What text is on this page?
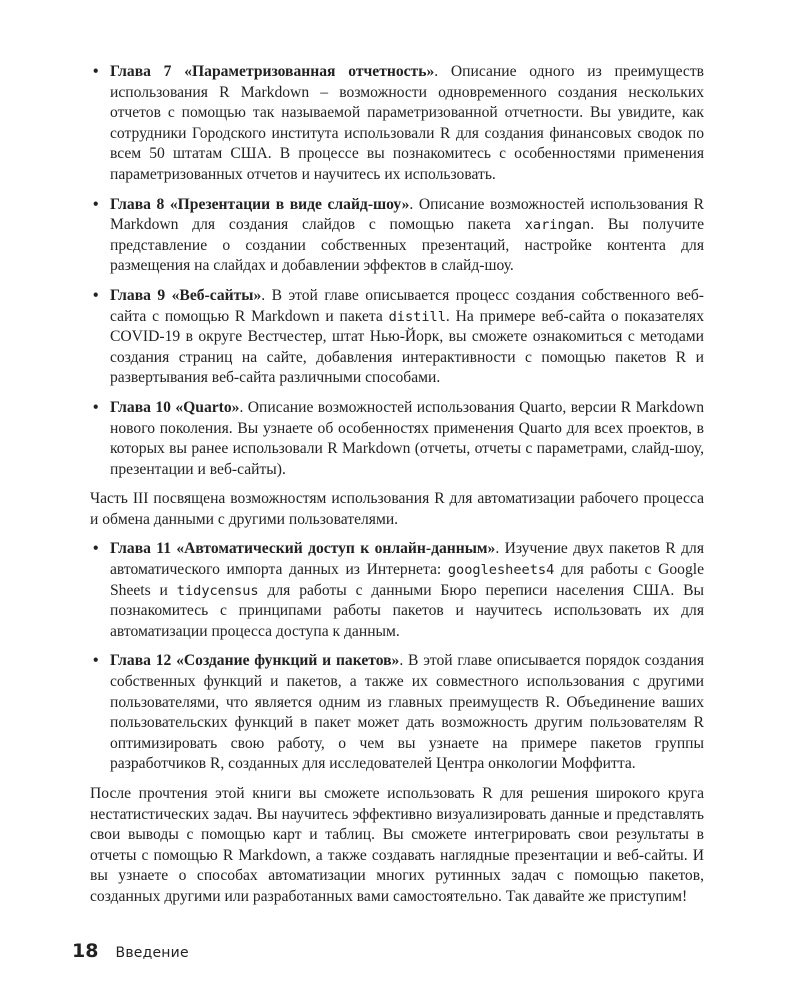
• Глава 7 «Параметризованная отчетность». Описание одного из преимуществ использования R Markdown – возможности одновременного создания нескольких отчетов с помощью так называемой параметризованной отчетности. Вы увидите, как сотрудники Городского института использовали R для создания финансовых сводок по всем 50 штатам США. В процессе вы познакомитесь с особенностями применения параметризованных отчетов и научитесь их использовать.
• Глава 8 «Презентации в виде слайд-шоу». Описание возможностей использования R Markdown для создания слайдов с помощью пакета xaringan. Вы получите представление о создании собственных презентаций, настройке контента для размещения на слайдах и добавлении эффектов в слайд-шоу.
• Глава 9 «Веб-сайты». В этой главе описывается процесс создания собственного веб-сайта с помощью R Markdown и пакета distill. На примере веб-сайта о показателях COVID-19 в округе Вестчестер, штат Нью-Йорк, вы сможете ознакомиться с методами создания страниц на сайте, добавления интерактивности с помощью пакетов R и развертывания веб-сайта различными способами.
• Глава 10 «Quarto». Описание возможностей использования Quarto, версии R Markdown нового поколения. Вы узнаете об особенностях применения Quarto для всех проектов, в которых вы ранее использовали R Markdown (отчеты, отчеты с параметрами, слайд-шоу, презентации и веб-сайты).

Часть III посвящена возможностям использования R для автоматизации рабочего процесса и обмена данными с другими пользователями.

• Глава 11 «Автоматический доступ к онлайн-данным». Изучение двух пакетов R для автоматического импорта данных из Интернета: googlesheets4 для работы с Google Sheets и tidycensus для работы с данными Бюро переписи населения США. Вы познакомитесь с принципами работы пакетов и научитесь использовать их для автоматизации процесса доступа к данным.
• Глава 12 «Создание функций и пакетов». В этой главе описывается порядок создания собственных функций и пакетов, а также их совместного использования с другими пользователями, что является одним из главных преимуществ R. Объединение ваших пользовательских функций в пакет может дать возможность другим пользователям R оптимизировать свою работу, о чем вы узнаете на примере пакетов группы разработчиков R, созданных для исследователей Центра онкологии Моффитта.

После прочтения этой книги вы сможете использовать R для решения широкого круга нестатистических задач. Вы научитесь эффективно визуализировать данные и представлять свои выводы с помощью карт и таблиц. Вы сможете интегрировать свои результаты в отчеты с помощью R Markdown, а также создавать наглядные презентации и веб-сайты. И вы узнаете о способах автоматизации многих рутинных задач с помощью пакетов, созданных другими или разработанных вами самостоятельно. Так давайте же приступим!

18 Введение
